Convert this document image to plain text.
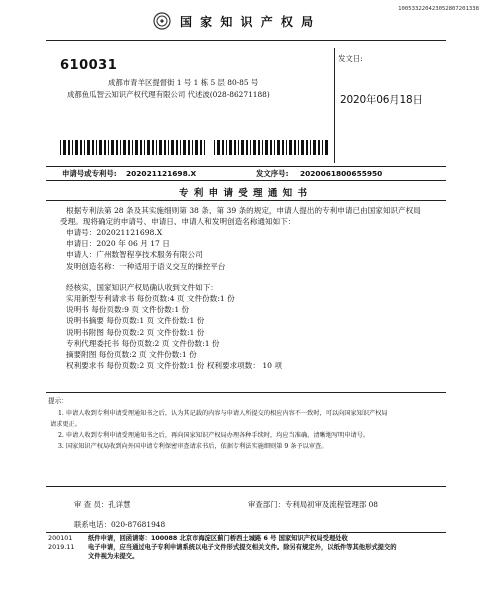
100533220423052807201338
国 家 知 识 产 权 局
610031
成都市青羊区提督街 1 号 1 栋 5 层 80-85 号
成都鱼瓜智云知识产权代理有限公司 代述波(028-86271188)
发文日:
2020年06月18日
申请号或专利号: 202021121698.X	发文序号: 2020061800655950
专 利 申 请 受 理 通 知 书
根据专利法第 28 条及其实施细则第 38 条、第 39 条的规定，申请人提出的专利申请已由国家知识产权局
受理。现将确定的申请号、申请日、申请人和发明创造名称通知如下：
申请号：202021121698.X
申请日：2020 年 06 月 17 日
申请人：广州数智程享技术服务有限公司
发明创造名称：一种适用于语义交互的操控平台
经核实，国家知识产权局确认收到文件如下：
实用新型专利请求书 每份页数:4 页 文件份数:1 份
说明书 每份页数:9 页 文件份数:1 份
说明书摘要 每份页数:1 页 文件份数:1 份
说明书附图 每份页数:2 页 文件份数:1 份
专利代理委托书 每份页数:2 页 文件份数:1 份
摘要附图 每份页数:2 页 文件份数:1 份
权利要求书 每份页数:2 页 文件份数:1 份 权利要求项数： 10 项
提示：
1. 申请人收到专利申请受理通知书之后，认为其记载的内容与申请人所提交的相应内容不一致时，可以向国家知识产权局
请求更正。
2. 申请人收到专利申请受理通知书之后，再向国家知识产权局办理各种手续时，均应当准确、清晰地写明申请号。
3. 国家知识产权局收到向外国申请专利保密审查请求书后，依据专利法实施细则第 9 条予以审查。
审 查 员：孔详慧	审查部门：专利局初审及流程管理部 08
联系电话：020-87681948
200101
2019.11
纸件申请，回函请寄：100088 北京市海淀区蓟门桥西土城路 6 号 国家知识产权局受理处收
电子申请，应当通过电子专利申请系统以电子文件形式提交相关文件。除另有规定外，以纸件等其他形式提交的
文件视为未提交。
